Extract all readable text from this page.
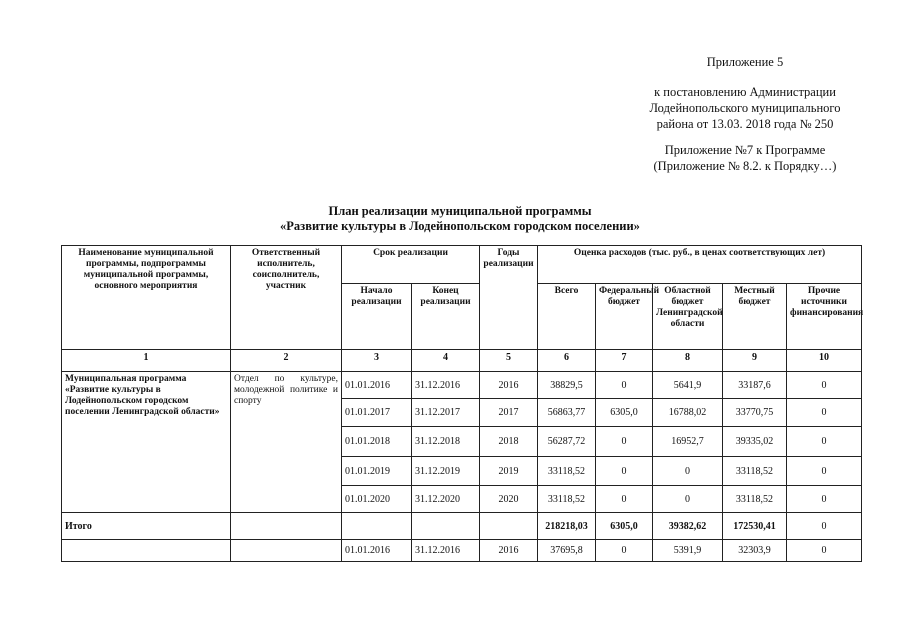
Приложение 5
к постановлению Администрации
Лодейнопольского муниципального
района от 13.03. 2018 года № 250
Приложение №7 к Программе
(Приложение № 8.2. к Порядку…)
План реализации муниципальной программы
«Развитие культуры в Лодейнопольском городском поселении»
Наименование муниципальной программы, подпрограммы муниципальной программы, основного мероприятия	Ответственный исполнитель, соисполнитель, участник	Срок реализации		Годы реализации	Оценка расходов (тыс. руб., в ценах соответствующих лет)				
		Начало реализации	Конец реализации		Всего	Федеральный бюджет	Областной бюджет Ленинградской области	Местный бюджет	Прочие источники финансирования
1	2	3	4	5	6	7	8	9	10
Муниципальная программа «Развитие культуры в Лодейнопольском городском поселении Ленинградской области»	Отдел по культуре, молодежной политике и спорту	01.01.2016	31.12.2016	2016	38829,5	0	5641,9	33187,6	0
		01.01.2017	31.12.2017	2017	56863,77	6305,0	16788,02	33770,75	0
		01.01.2018	31.12.2018	2018	56287,72	0	16952,7	39335,02	0
		01.01.2019	31.12.2019	2019	33118,52	0	0	33118,52	0
		01.01.2020	31.12.2020	2020	33118,52	0	0	33118,52	0
Итого					218218,03	6305,0	39382,62	172530,41	0
		01.01.2016	31.12.2016	2016	37695,8	0	5391,9	32303,9	0
